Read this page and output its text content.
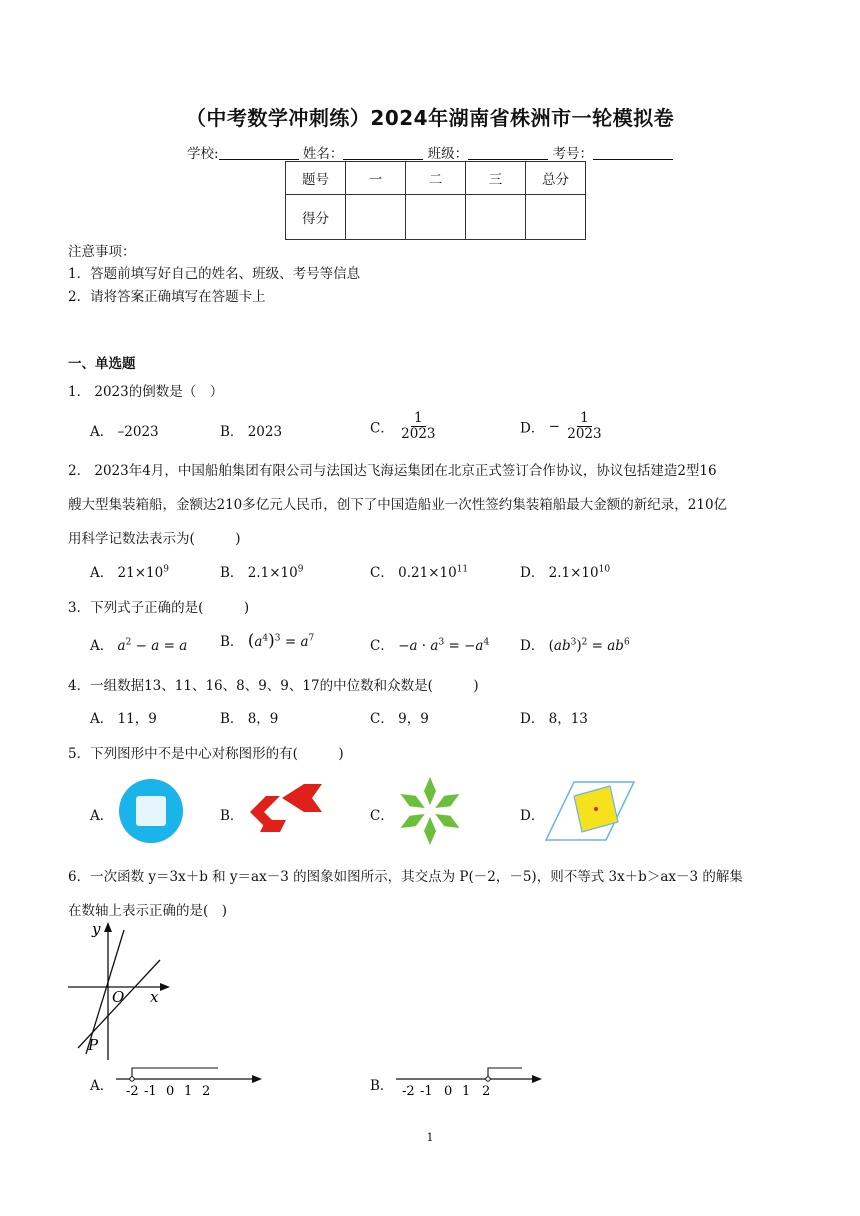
（中考数学冲刺练）2024年湖南省株洲市一轮模拟卷
学校:	姓名：	班级：	考号：
题号	一	二	三	总分
得分				
注意事项：
1．答题前填写好自己的姓名、班级、考号等信息
2．请将答案正确填写在答题卡上
一、单选题
1． 2023的倒数是（　）
A． –2023	B． 2023	C． $\frac{1}{2023}$	D． − $\frac{1}{2023}$
2． 2023年4月，中国船舶集团有限公司与法国达飞海运集团在北京正式签订合作协议，协议包括建造2型16
艘大型集装箱船，金额达210多亿元人民币，创下了中国造船业一次性签约集装箱船最大金额的新纪录，210亿
用科学记数法表示为(　　　)
A． $21\times 10^9$	B． $2.1\times 10^9$	C． $0.21\times 10^{11}$	D． $2.1\times 10^{10}$
3．下列式子正确的是(　　　)
A． $a^2 - a = a$ B． $(a^4)^3 = a^7$	C． $-a \cdot a^3 = -a^4$ D． $(ab^3)^2 = ab^6$
4．一组数据13、11、16、8、9、9、17的中位数和众数是(　　　)
A． 11，9	B． 8，9	C． 9，9	D． 8，13
5．下列图形中不是中心对称图形的有(　　　)
A．	B．	C．	D．
6．一次函数 y＝3x＋b 和 y＝ax－3 的图象如图所示，其交点为 P(－2，－5)，则不等式 3x＋b＞ax－3 的解集
在数轴上表示正确的是(　)
y
x
O
P
A． -2 -1 0 1 2	B． -2 -1 0 1 2
1
